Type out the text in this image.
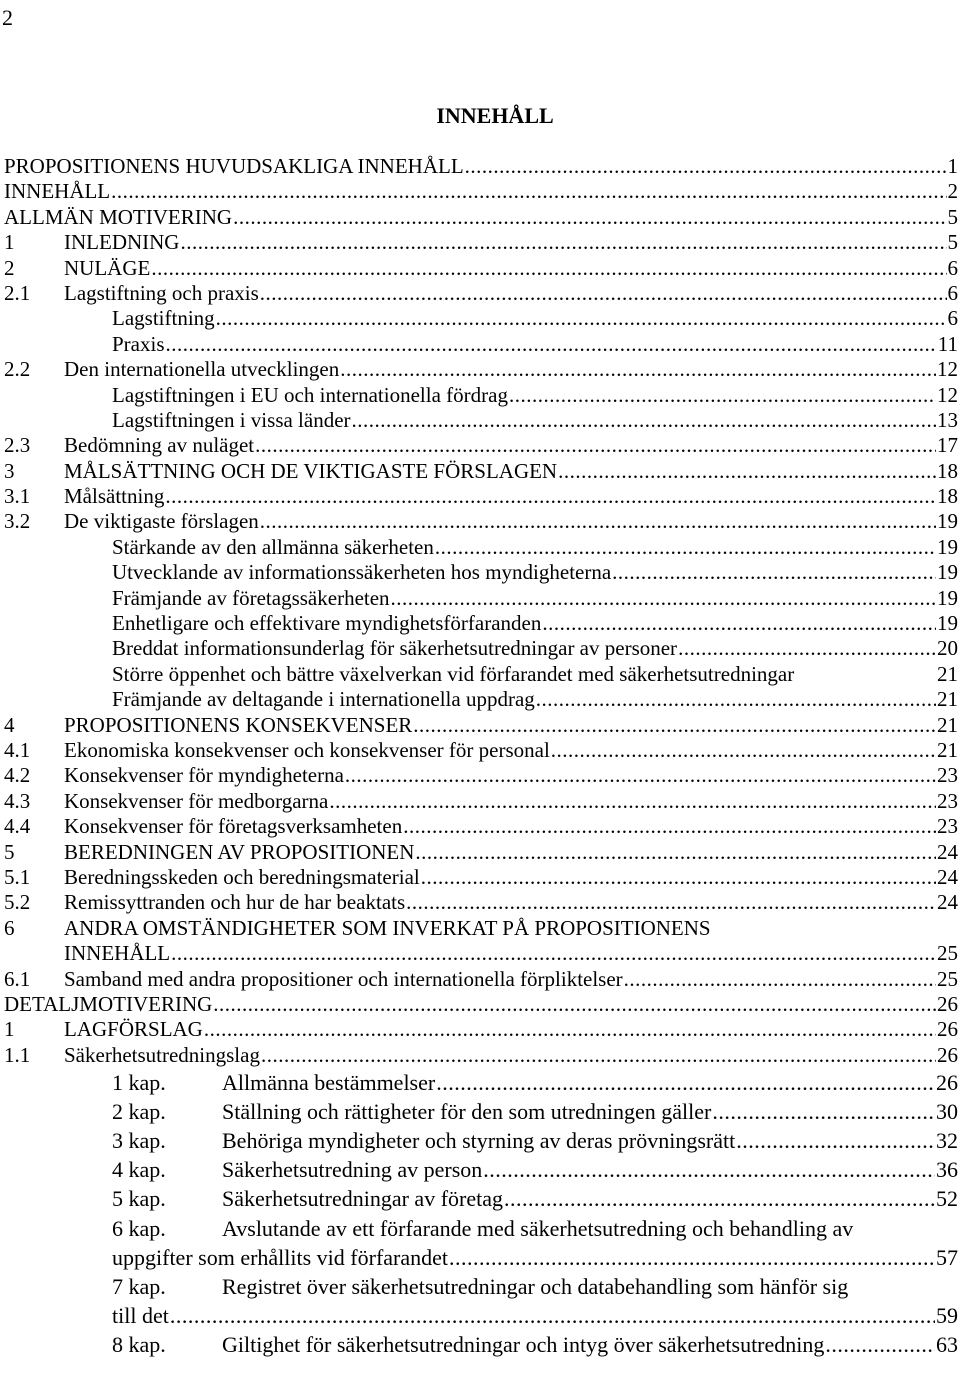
2
INNEHÅLL
PROPOSITIONENS HUVUDSAKLIGA INNEHÅLL .....	1
INNEHÅLL .....	2
ALLMÄN MOTIVERING .....	5
1 INLEDNING .....	5
2 NULÄGE .....	6
2.1 Lagstiftning och praxis .....	6
Lagstiftning .....	6
Praxis .....	11
2.2 Den internationella utvecklingen .....	12
Lagstiftningen i EU och internationella fördrag .....	12
Lagstiftningen i vissa länder .....	13
2.3 Bedömning av nuläget .....	17
3 MÅLSÄTTNING OCH DE VIKTIGASTE FÖRSLAGEN .....	18
3.1 Målsättning .....	18
3.2 De viktigaste förslagen .....	19
Stärkande av den allmänna säkerheten .....	19
Utvecklande av informationssäkerheten hos myndigheterna .....	19
Främjande av företagssäkerheten .....	19
Enhetligare och effektivare myndighetsförfaranden .....	19
Breddat informationsunderlag för säkerhetsutredningar av personer .....	20
Större öppenhet och bättre växelverkan vid förfarandet med säkerhetsutredningar	21
Främjande av deltagande i internationella uppdrag .....	21
4 PROPOSITIONENS KONSEKVENSER .....	21
4.1 Ekonomiska konsekvenser och konsekvenser för personal .....	21
4.2 Konsekvenser för myndigheterna .....	23
4.3 Konsekvenser för medborgarna .....	23
4.4 Konsekvenser för företagsverksamheten .....	23
5 BEREDNINGEN AV PROPOSITIONEN .....	24
5.1 Beredningsskeden och beredningsmaterial .....	24
5.2 Remissyttranden och hur de har beaktats .....	24
6 ANDRA OMSTÄNDIGHETER SOM INVERKAT PÅ PROPOSITIONENS
INNEHÅLL .....	25
6.1 Samband med andra propositioner och internationella förpliktelser .....	25
DETALJMOTIVERING .....	26
1 LAGFÖRSLAG .....	26
1.1 Säkerhetsutredningslag .....	26
1 kap.	Allmänna bestämmelser .....	26
2 kap.	Ställning och rättigheter för den som utredningen gäller .....	30
3 kap.	Behöriga myndigheter och styrning av deras prövningsrätt .....	32
4 kap.	Säkerhetsutredning av person .....	36
5 kap.	Säkerhetsutredningar av företag .....	52
6 kap.	Avslutande av ett förfarande med säkerhetsutredning och behandling av
uppgifter som erhållits vid förfarandet .....	57
7 kap.	Registret över säkerhetsutredningar och databehandling som hänför sig
till det .....	59
8 kap.	Giltighet för säkerhetsutredningar och intyg över säkerhetsutredning .....	63
